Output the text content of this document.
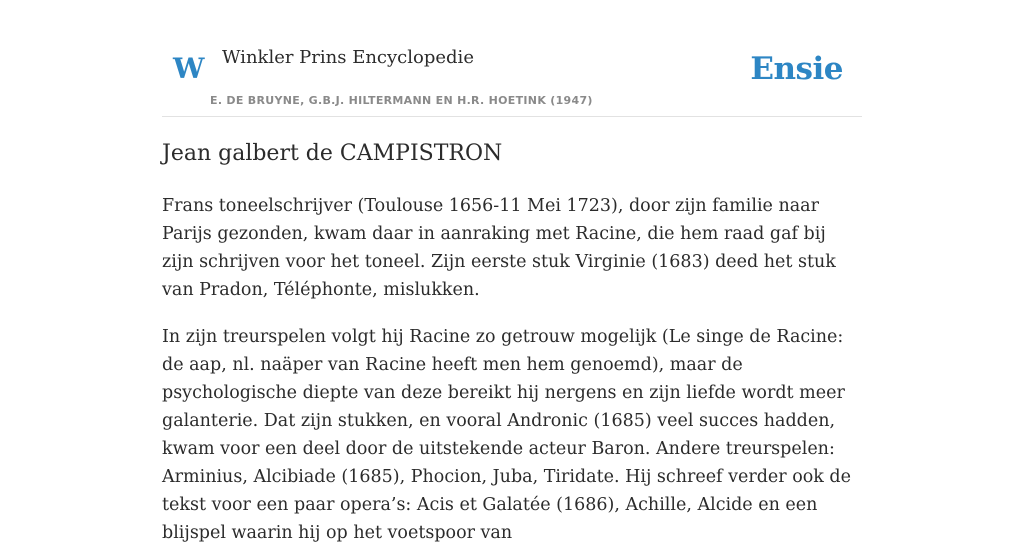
W Winkler Prins Encyclopedie
E. DE BRUYNE, G.B.J. HILTERMANN EN H.R. HOETINK (1947)
Ensie
Jean galbert de CAMPISTRON

Frans toneelschrijver (Toulouse 1656-11 Mei 1723), door zijn familie naar Parijs gezonden, kwam daar in aanraking met Racine, die hem raad gaf bij zijn schrijven voor het toneel. Zijn eerste stuk Virginie (1683) deed het stuk van Pradon, Téléphonte, mislukken.

In zijn treurspelen volgt hij Racine zo getrouw mogelijk (Le singe de Racine: de aap, nl. naäper van Racine heeft men hem genoemd), maar de psychologische diepte van deze bereikt hij nergens en zijn liefde wordt meer galanterie. Dat zijn stukken, en vooral Andronic (1685) veel succes hadden, kwam voor een deel door de uitstekende acteur Baron. Andere treurspelen: Arminius, Alcibiade (1685), Phocion, Juba, Tiridate. Hij schreef verder ook de tekst voor een paar opera’s: Acis et Galatée (1686), Achille, Alcide en een blijspel waarin hij op het voetspoor van
